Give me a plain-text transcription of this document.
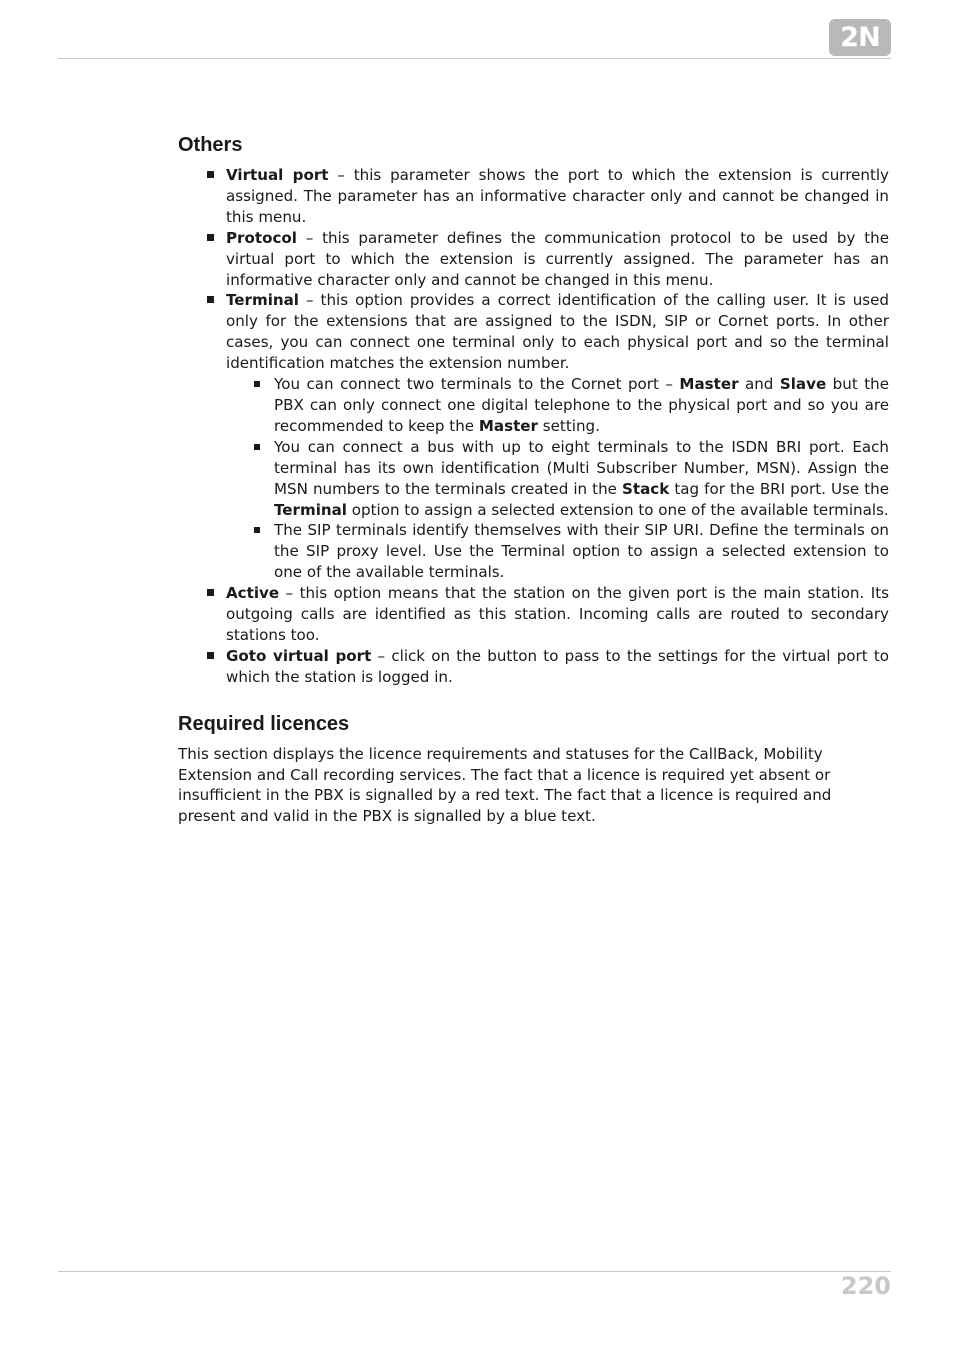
2N
Others
Virtual port – this parameter shows the port to which the extension is currently assigned. The parameter has an informative character only and cannot be changed in this menu.
Protocol – this parameter defines the communication protocol to be used by the virtual port to which the extension is currently assigned. The parameter has an informative character only and cannot be changed in this menu.
Terminal – this option provides a correct identification of the calling user. It is used only for the extensions that are assigned to the ISDN, SIP or Cornet ports. In other cases, you can connect one terminal only to each physical port and so the terminal identification matches the extension number.
You can connect two terminals to the Cornet port – Master and Slave but the PBX can only connect one digital telephone to the physical port and so you are recommended to keep the Master setting.
You can connect a bus with up to eight terminals to the ISDN BRI port. Each terminal has its own identification (Multi Subscriber Number, MSN). Assign the MSN numbers to the terminals created in the Stack tag for the BRI port. Use the Terminal option to assign a selected extension to one of the available terminals.
The SIP terminals identify themselves with their SIP URI. Define the terminals on the SIP proxy level. Use the Terminal option to assign a selected extension to one of the available terminals.
Active – this option means that the station on the given port is the main station. Its outgoing calls are identified as this station. Incoming calls are routed to secondary stations too.
Goto virtual port – click on the button to pass to the settings for the virtual port to which the station is logged in.
Required licences

This section displays the licence requirements and statuses for the CallBack, Mobility Extension and Call recording services. The fact that a licence is required yet absent or insufficient in the PBX is signalled by a red text. The fact that a licence is required and present and valid in the PBX is signalled by a blue text.

220
